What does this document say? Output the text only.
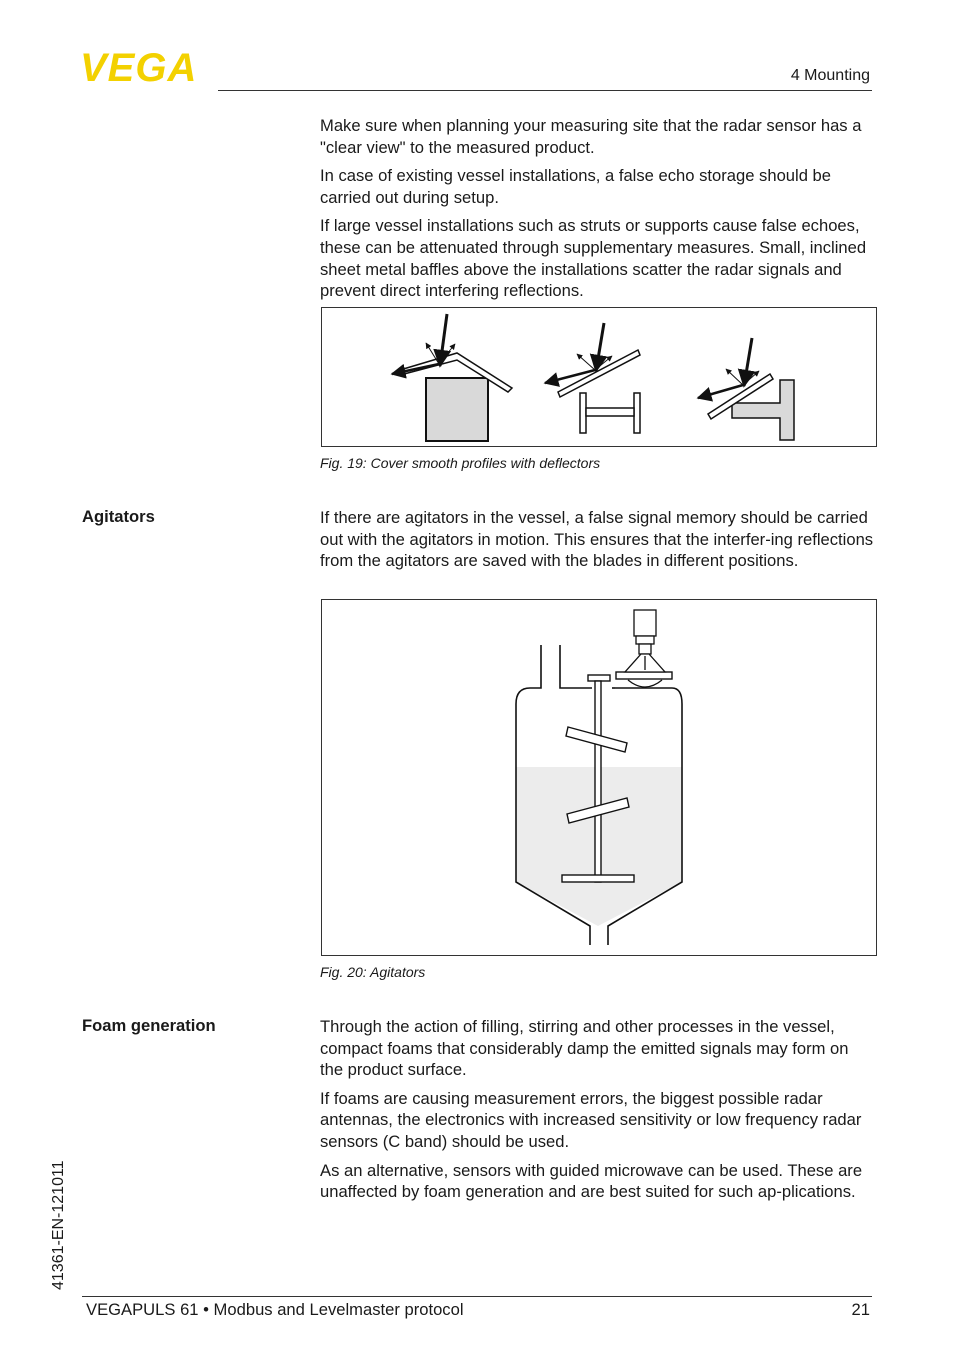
VEGA	4 Mounting

Make sure when planning your measuring site that the radar sensor has a "clear view" to the measured product.

In case of existing vessel installations, a false echo storage should be carried out during setup.

If large vessel installations such as struts or supports cause false echoes, these can be attenuated through supplementary measures. Small, inclined sheet metal baffles above the installations scatter the radar signals and prevent direct interfering reflections.

Fig. 19: Cover smooth profiles with deflectors
Agitators	If there are agitators in the vessel, a false signal memory should be carried out with the agitators in motion. This ensures that the interfer-ing reflections from the agitators are saved with the blades in different positions.

Fig. 20: Agitators
Foam generation	Through the action of filling, stirring and other processes in the vessel, compact foams that considerably damp the emitted signals may form on the product surface.

If foams are causing measurement errors, the biggest possible radar antennas, the electronics with increased sensitivity or low frequency radar sensors (C band) should be used.

As an alternative, sensors with guided microwave can be used. These are unaffected by foam generation and are best suited for such ap-plications.

41361-EN-121011
VEGAPULS 61 • Modbus and Levelmaster protocol	21
